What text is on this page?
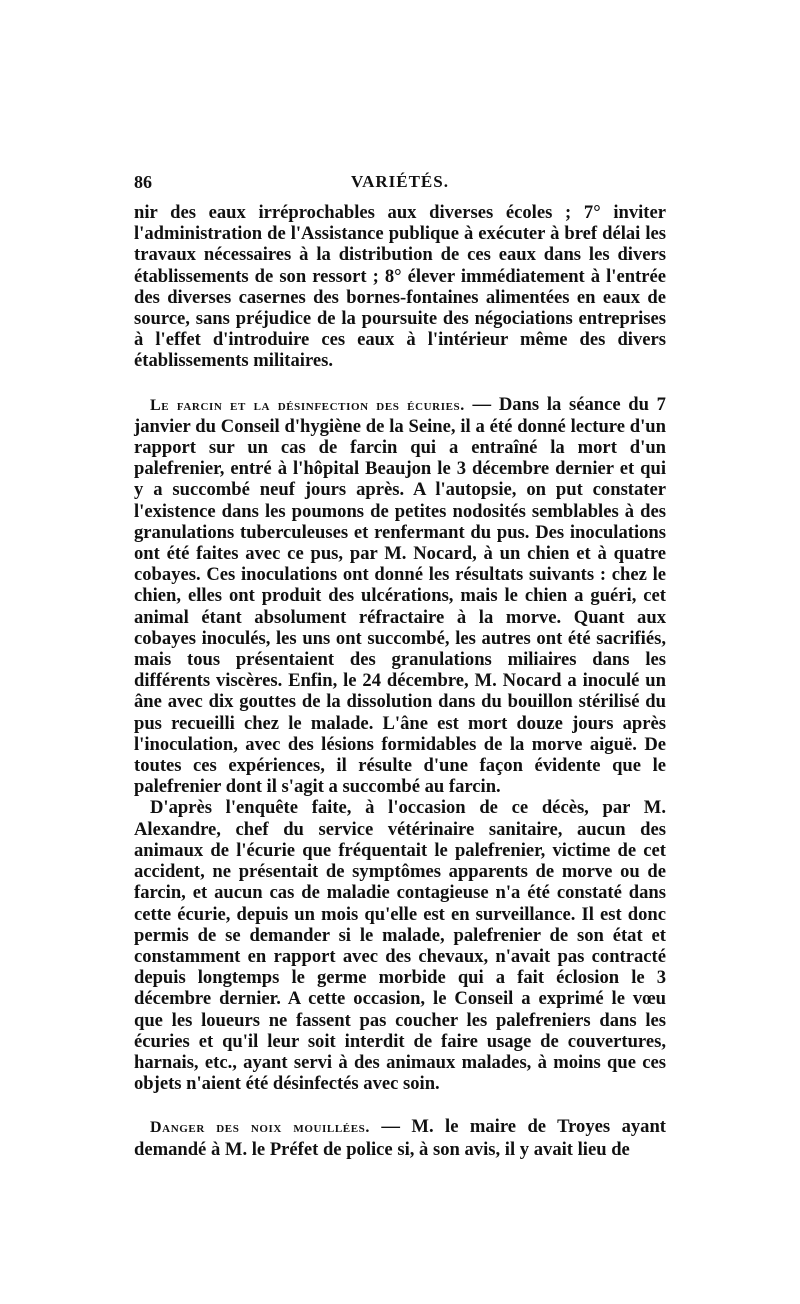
86	VARIÉTÉS.

nir des eaux irréprochables aux diverses écoles ; 7° inviter l'administration de l'Assistance publique à exécuter à bref délai les travaux nécessaires à la distribution de ces eaux dans les divers établissements de son ressort ; 8° élever immédiatement à l'entrée des diverses casernes des bornes-fontaines alimentées en eaux de source, sans préjudice de la poursuite des négociations entreprises à l'effet d'introduire ces eaux à l'intérieur même des divers établissements militaires.

Le farcin et la désinfection des écuries. — Dans la séance du 7 janvier du Conseil d'hygiène de la Seine, il a été donné lecture d'un rapport sur un cas de farcin qui a entraîné la mort d'un palefrenier, entré à l'hôpital Beaujon le 3 décembre dernier et qui y a succombé neuf jours après. A l'autopsie, on put constater l'existence dans les poumons de petites nodosités semblables à des granulations tuberculeuses et renfermant du pus. Des inoculations ont été faites avec ce pus, par M. Nocard, à un chien et à quatre cobayes. Ces inoculations ont donné les résultats suivants : chez le chien, elles ont produit des ulcérations, mais le chien a guéri, cet animal étant absolument réfractaire à la morve. Quant aux cobayes inoculés, les uns ont succombé, les autres ont été sacrifiés, mais tous présentaient des granulations miliaires dans les différents viscères. Enfin, le 24 décembre, M. Nocard a inoculé un âne avec dix gouttes de la dissolution dans du bouillon stérilisé du pus recueilli chez le malade. L'âne est mort douze jours après l'inoculation, avec des lésions formidables de la morve aiguë. De toutes ces expériences, il résulte d'une façon évidente que le palefrenier dont il s'agit a succombé au farcin.

D'après l'enquête faite, à l'occasion de ce décès, par M. Alexandre, chef du service vétérinaire sanitaire, aucun des animaux de l'écurie que fréquentait le palefrenier, victime de cet accident, ne présentait de symptômes apparents de morve ou de farcin, et aucun cas de maladie contagieuse n'a été constaté dans cette écurie, depuis un mois qu'elle est en surveillance. Il est donc permis de se demander si le malade, palefrenier de son état et constamment en rapport avec des chevaux, n'avait pas contracté depuis longtemps le germe morbide qui a fait éclosion le 3 décembre dernier. A cette occasion, le Conseil a exprimé le vœu que les loueurs ne fassent pas coucher les palefreniers dans les écuries et qu'il leur soit interdit de faire usage de couvertures, harnais, etc., ayant servi à des animaux malades, à moins que ces objets n'aient été désinfectés avec soin.

Danger des noix mouillées. — M. le maire de Troyes ayant demandé à M. le Préfet de police si, à son avis, il y avait lieu de
